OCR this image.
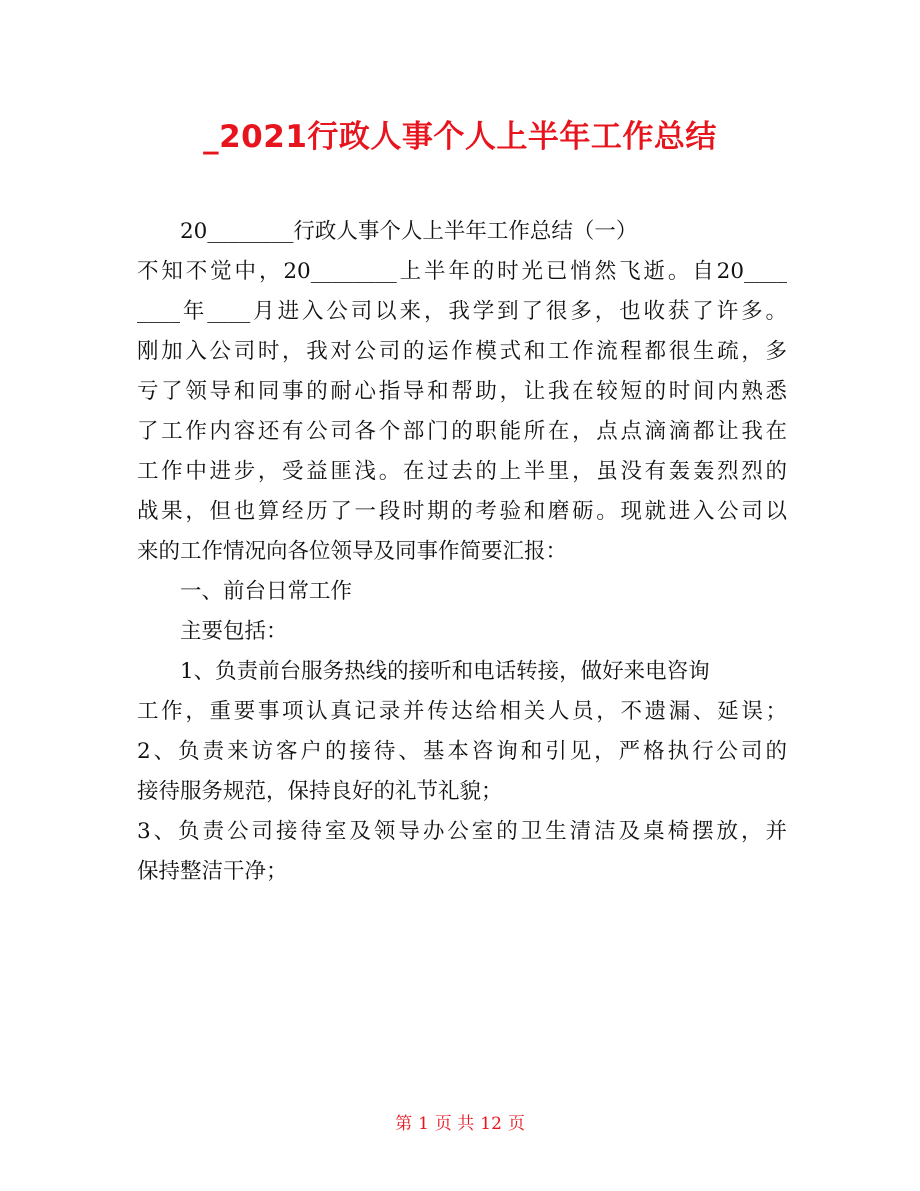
_2021行政人事个人上半年工作总结
20________行政人事个人上半年工作总结（一）
不知不觉中，20________上半年的时光已悄然飞逝。自20____
____年____月进入公司以来，我学到了很多，也收获了许多。
刚加入公司时，我对公司的运作模式和工作流程都很生疏，多
亏了领导和同事的耐心指导和帮助，让我在较短的时间内熟悉
了工作内容还有公司各个部门的职能所在，点点滴滴都让我在
工作中进步，受益匪浅。在过去的上半里，虽没有轰轰烈烈的
战果，但也算经历了一段时期的考验和磨砺。现就进入公司以
来的工作情况向各位领导及同事作简要汇报：
一、前台日常工作
主要包括：
1、负责前台服务热线的接听和电话转接，做好来电咨询
工作，重要事项认真记录并传达给相关人员，不遗漏、延误；
2、负责来访客户的接待、基本咨询和引见，严格执行公司的
接待服务规范，保持良好的礼节礼貌；
3、负责公司接待室及领导办公室的卫生清洁及桌椅摆放，并
保持整洁干净；
第 1 页 共 12 页
